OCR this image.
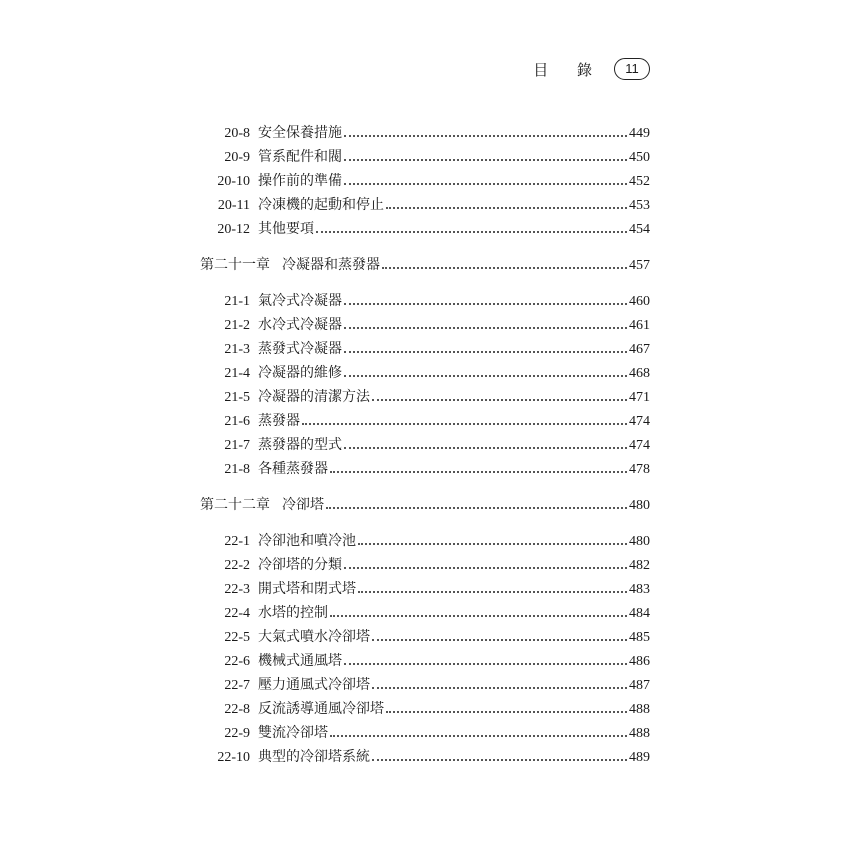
目 錄	11
20-8 安全保養措施	449
20-9 管系配件和閥	450
20-10 操作前的準備	452
20-11 冷凍機的起動和停止	453
20-12 其他要項	454
第二十一章 冷凝器和蒸發器	457
21-1 氣冷式冷凝器	460
21-2 水冷式冷凝器	461
21-3 蒸發式冷凝器	467
21-4 冷凝器的維修	468
21-5 冷凝器的清潔方法	471
21-6 蒸發器	474
21-7 蒸發器的型式	474
21-8 各種蒸發器	478
第二十二章 冷卻塔	480
22-1 冷卻池和噴冷池	480
22-2 冷卻塔的分類	482
22-3 開式塔和閉式塔	483
22-4 水塔的控制	484
22-5 大氣式噴水冷卻塔	485
22-6 機械式通風塔	486
22-7 壓力通風式冷卻塔	487
22-8 反流誘導通風冷卻塔	488
22-9 雙流冷卻塔	488
22-10 典型的冷卻塔系統	489
